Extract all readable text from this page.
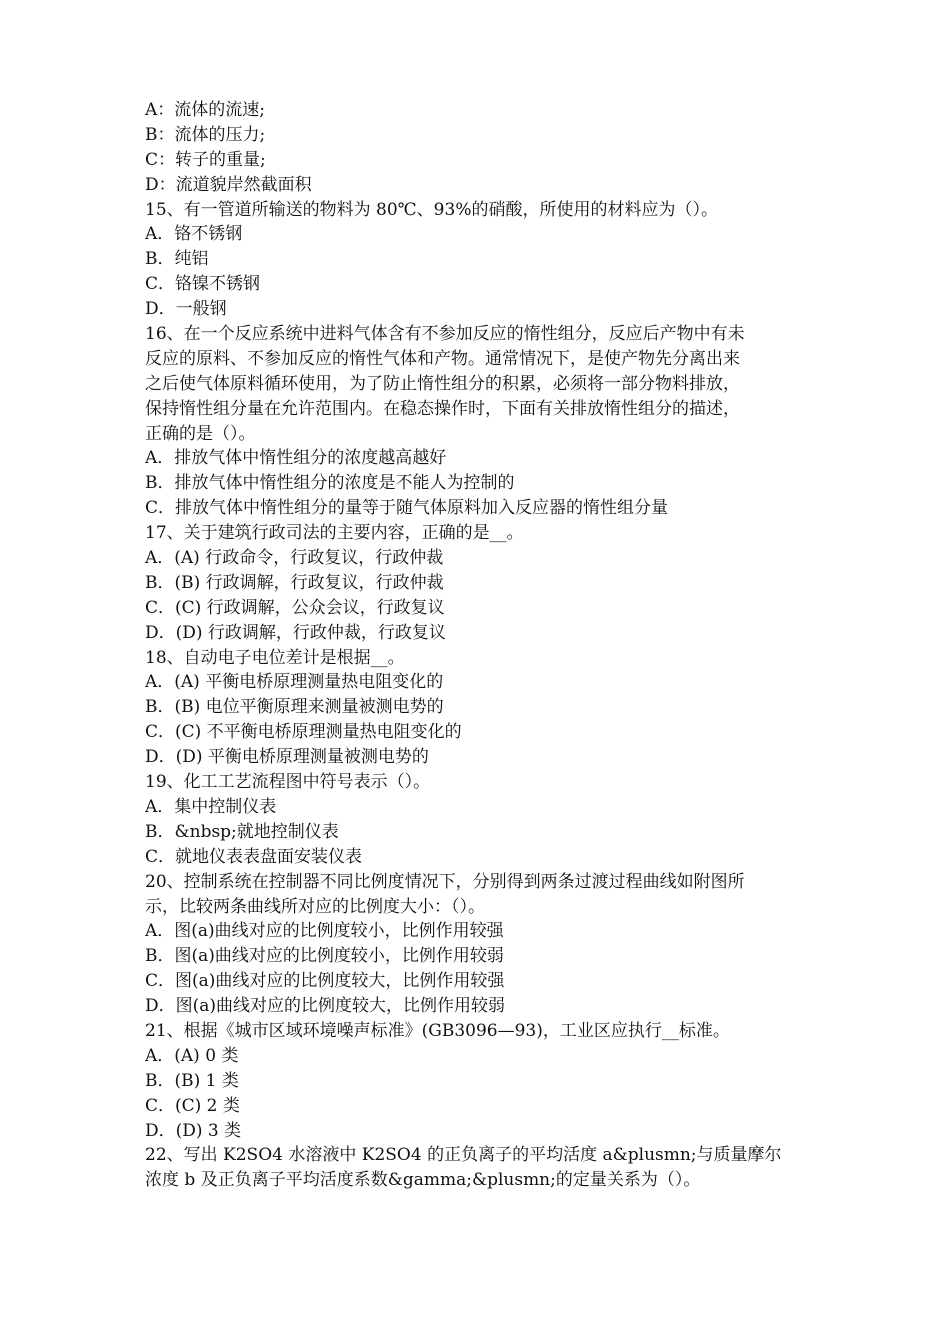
A：流体的流速;
B：流体的压力;
C：转子的重量;
D：流道貌岸然截面积
15、有一管道所输送的物料为 80℃、93%的硝酸，所使用的材料应为（）。
A．铬不锈钢
B．纯铝
C．铬镍不锈钢
D．一般钢
16、在一个反应系统中进料气体含有不参加反应的惰性组分，反应后产物中有未
反应的原料、不参加反应的惰性气体和产物。通常情况下，是使产物先分离出来
之后使气体原料循环使用，为了防止惰性组分的积累，必须将一部分物料排放，
保持惰性组分量在允许范围内。在稳态操作时，下面有关排放惰性组分的描述，
正确的是（）。
A．排放气体中惰性组分的浓度越高越好
B．排放气体中惰性组分的浓度是不能人为控制的
C．排放气体中惰性组分的量等于随气体原料加入反应器的惰性组分量
17、关于建筑行政司法的主要内容，正确的是__。
A．(A) 行政命令，行政复议，行政仲裁
B．(B) 行政调解，行政复议，行政仲裁
C．(C) 行政调解，公众会议，行政复议
D．(D) 行政调解，行政仲裁，行政复议
18、自动电子电位差计是根据__。
A．(A) 平衡电桥原理测量热电阻变化的
B．(B) 电位平衡原理来测量被测电势的
C．(C) 不平衡电桥原理测量热电阻变化的
D．(D) 平衡电桥原理测量被测电势的
19、化工工艺流程图中符号表示（）。
A．集中控制仪表
B．&nbsp;就地控制仪表
C．就地仪表表盘面安装仪表
20、控制系统在控制器不同比例度情况下，分别得到两条过渡过程曲线如附图所
示，比较两条曲线所对应的比例度大小：（）。
A．图(a)曲线对应的比例度较小，比例作用较强
B．图(a)曲线对应的比例度较小，比例作用较弱
C．图(a)曲线对应的比例度较大，比例作用较强
D．图(a)曲线对应的比例度较大，比例作用较弱
21、根据《城市区域环境噪声标准》(GB3096—93)，工业区应执行__标准。
A．(A) 0 类
B．(B) 1 类
C．(C) 2 类
D．(D) 3 类
22、写出 K2SO4 水溶液中 K2SO4 的正负离子的平均活度 a&plusmn;与质量摩尔
浓度 b 及正负离子平均活度系数&gamma;&plusmn;的定量关系为（）。
